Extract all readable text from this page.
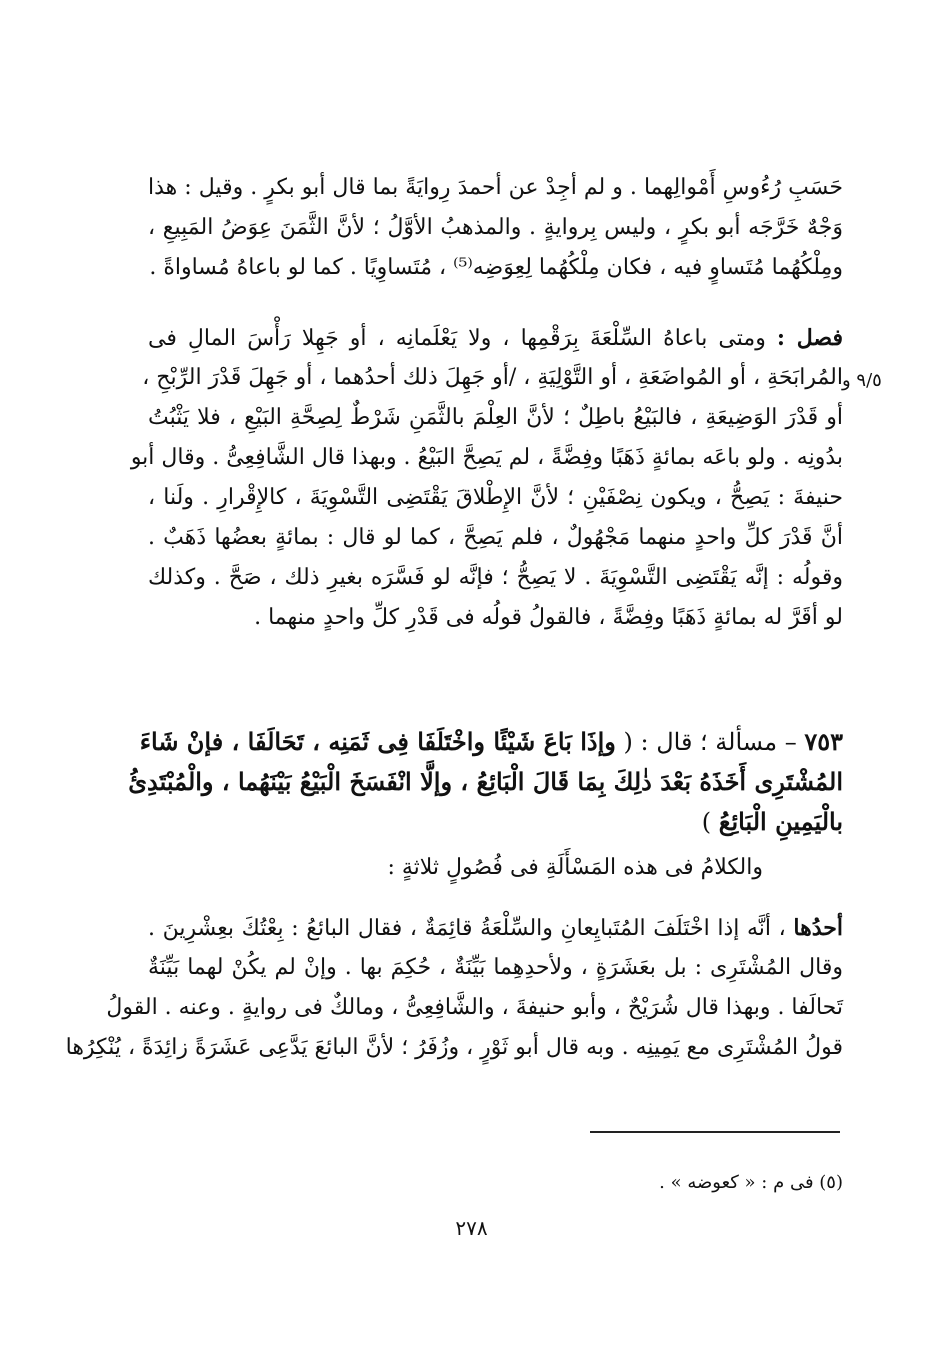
حَسَبِ رُءُوسِ أَمْوالِهما . و لم أجِدْ عن أحمدَ رِوايَةً بما قال أبو بكرٍ . وقيل : هذا
وَجْهٌ خَرَّجَه أبو بكرٍ ، وليس بِروايةٍ . والمذهبُ الأوَّلُ ؛ لأنَّ الثَّمَنَ عِوَضُ المَبِيعِ ،
ومِلْكُهُما مُتَساوٍ فيه ، فكان مِلْكُهُما لِعِوَضِه⁽⁵⁾ ، مُتَساوِيًا . كما لو باعاهُ مُساواةً .
فصل : ومتى باعاهُ السِّلْعَةَ بِرَقْمِها ، ولا يَعْلَمانِه ، أو جَهِلا رَأْسَ المالِ فى
المُرابَحَةِ ، أو المُواضَعَةِ ، أو التَّوْلِيَةِ ، /أو جَهِلَ ذلك أحدُهما ، أو جَهِلَ قَدْرَ الرِّبْحِ ،
أو قَدْرَ الوَضِيعَةِ ، فالبَيْعُ باطِلٌ ؛ لأنَّ العِلْمَ بالثَّمَنِ شَرْطٌ لِصِحَّةِ البَيْعِ ، فلا يَثْبُتُ
بدُونِه . ولو باعَه بمائةٍ ذَهَبًا وفِضَّةً ، لم يَصِحَّ البَيْعُ . وبهذا قال الشَّافِعِىُّ . وقال أبو
حنيفةَ : يَصِحُّ ، ويكون نِصْفَيْنِ ؛ لأنَّ الإِطْلاقَ يَقْتَضِى التَّسْوِيَةَ ، كالإِقْرارِ . ولَنا ،
أنَّ قَدْرَ كلِّ واحدٍ منهما مَجْهُولٌ ، فلم يَصِحَّ ، كما لو قال : بمائةٍ بعضُها ذَهَبٌ .
وقولُه : إنَّه يَقْتَضِى التَّسْوِيَةَ . لا يَصِحُّ ؛ فإنَّه لو فَسَّرَه بغيرِ ذلك ، صَحَّ . وكذلك
لو أقَرَّ له بمائةٍ ذَهَبًا وفِضَّةً ، فالقولُ قولُه فى قَدْرِ كلِّ واحدٍ منهما .
٩/٥ و
٧٥٣ – مسألة ؛ قال : ( وإذَا بَاعَ شَيْئًا واخْتَلَفَا فِى ثَمَنِه ، تَحَالَفَا ، فإنْ شَاءَ
المُشْتَرِى أَخَذَهُ بَعْدَ ذٰلِكَ بِمَا قَالَ الْبَائِعُ ، وإلَّا انْفَسَخَ الْبَيْعُ بَيْنَهُما ، والْمُبْتَدِئُ
بالْيَمِينِ الْبَائِعُ )
والكلامُ فى هذه المَسْأَلَةِ فى فُصُولٍ ثلاثةٍ :
أحدُها ، أنَّه إذا اخْتَلَفَ المُتَبايِعانِ والسِّلْعَةُ قائِمَةٌ ، فقال البائعُ : بِعْتُكَ بعِشْرِينَ .
وقال المُشْتَرِى : بل بعَشَرَةٍ ، ولأحدِهِما بَيِّنَةٌ ، حُكِمَ بها . وإنْ لم يكُنْ لهما بَيِّنَةٌ
تَحالَفا . وبهذا قال شُرَيْحٌ ، وأبو حنيفةَ ، والشَّافِعِىُّ ، ومالكٌ فى روايةٍ . وعنه . القولُ
قولُ المُشْتَرِى مع يَمِينِه . وبه قال أبو ثَوْرٍ ، وزُفَرُ ؛ لأنَّ البائعَ يَدَّعِى عَشَرَةً زائِدَةً ، يُنْكِرُها
(٥) فى م : « كعوضه » .
٢٧٨
